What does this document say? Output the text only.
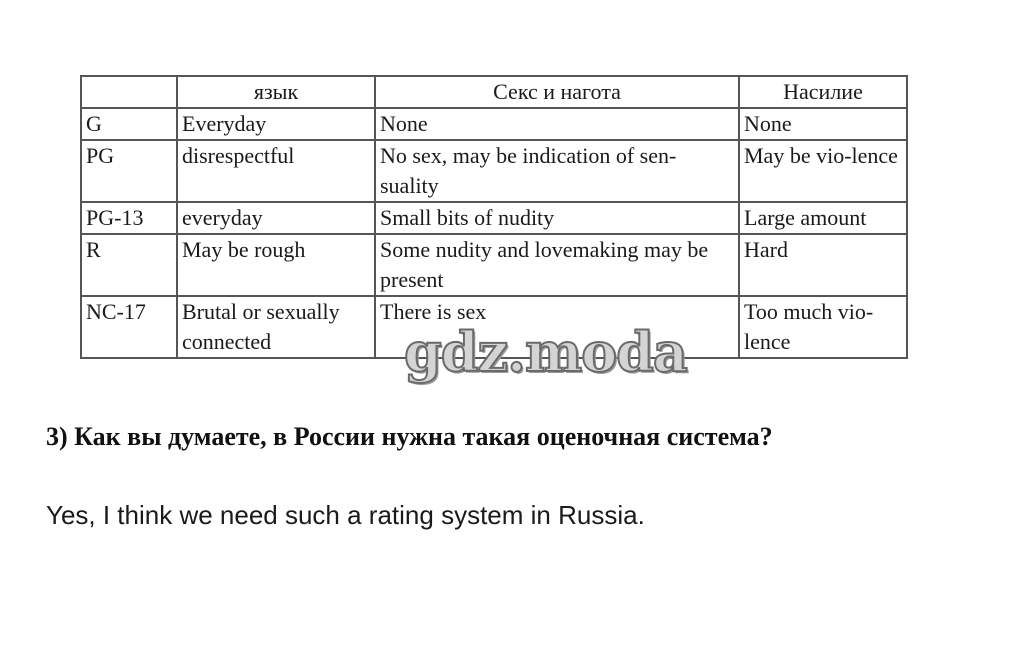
	язык	Секс и нагота	Насилие
G	Everyday	None	None
PG	disrespectful	No sex, may be indication of sen-suality	May be vio-lence
PG-13	everyday	Small bits of nudity	Large amount
R	May be rough	Some nudity and lovemaking may be present	Hard
NC-17	Brutal or sexually connected	There is sex	Too much vio-lence
gdz.moda
3) Как вы думаете, в России нужна такая оценочная система?
Yes, I think we need such a rating system in Russia.
